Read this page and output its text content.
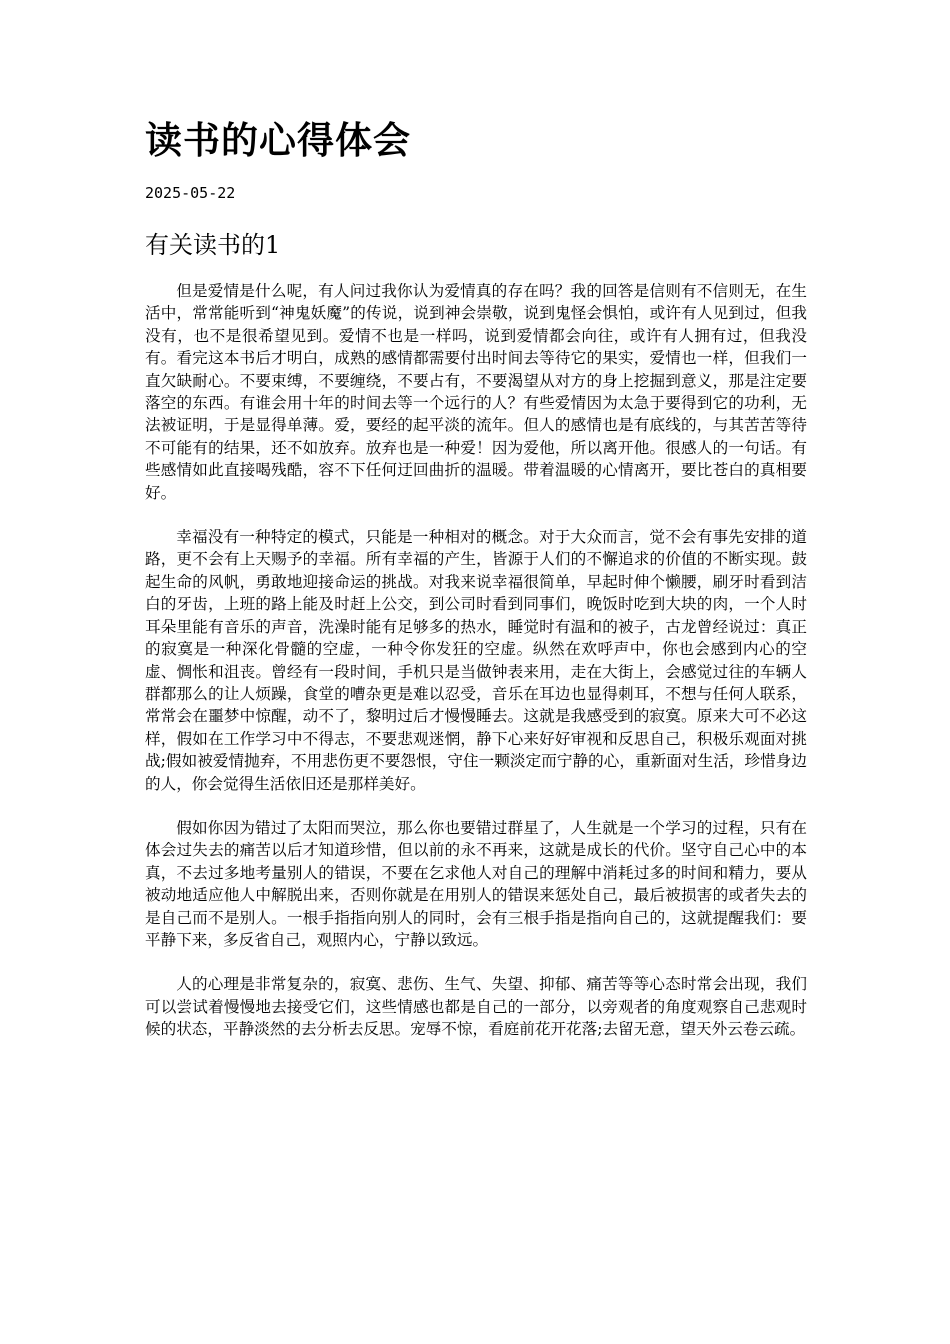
读书的心得体会
2025-05-22
有关读书的1

但是爱情是什么呢，有人问过我你认为爱情真的存在吗？我的回答是信则有不信则无，在生活中，常常能听到“神鬼妖魔”的传说，说到神会崇敬，说到鬼怪会惧怕，或许有人见到过，但我没有，也不是很希望见到。爱情不也是一样吗，说到爱情都会向往，或许有人拥有过，但我没有。看完这本书后才明白，成熟的感情都需要付出时间去等待它的果实，爱情也一样，但我们一直欠缺耐心。不要束缚，不要缠绕，不要占有，不要渴望从对方的身上挖掘到意义，那是注定要落空的东西。有谁会用十年的时间去等一个远行的人？有些爱情因为太急于要得到它的功利，无法被证明，于是显得单薄。爱，要经的起平淡的流年。但人的感情也是有底线的，与其苦苦等待不可能有的结果，还不如放弃。放弃也是一种爱！因为爱他，所以离开他。很感人的一句话。有些感情如此直接喝残酷，容不下任何迂回曲折的温暖。带着温暖的心情离开，要比苍白的真相要好。

幸福没有一种特定的模式，只能是一种相对的概念。对于大众而言，觉不会有事先安排的道路，更不会有上天赐予的幸福。所有幸福的产生，皆源于人们的不懈追求的价值的不断实现。鼓起生命的风帆，勇敢地迎接命运的挑战。对我来说幸福很简单，早起时伸个懒腰，刷牙时看到洁白的牙齿，上班的路上能及时赶上公交，到公司时看到同事们，晚饭时吃到大块的肉，一个人时耳朵里能有音乐的声音，洗澡时能有足够多的热水，睡觉时有温和的被子，古龙曾经说过：真正的寂寞是一种深化骨髓的空虚，一种令你发狂的空虚。纵然在欢呼声中，你也会感到内心的空虚、惆怅和沮丧。曾经有一段时间，手机只是当做钟表来用，走在大街上，会感觉过往的车辆人群都那么的让人烦躁，食堂的嘈杂更是难以忍受，音乐在耳边也显得刺耳，不想与任何人联系，常常会在噩梦中惊醒，动不了，黎明过后才慢慢睡去。这就是我感受到的寂寞。原来大可不必这样，假如在工作学习中不得志，不要悲观迷惘，静下心来好好审视和反思自己，积极乐观面对挑战;假如被爱情抛弃，不用悲伤更不要怨恨，守住一颗淡定而宁静的心，重新面对生活，珍惜身边的人，你会觉得生活依旧还是那样美好。

假如你因为错过了太阳而哭泣，那么你也要错过群星了，人生就是一个学习的过程，只有在体会过失去的痛苦以后才知道珍惜，但以前的永不再来，这就是成长的代价。坚守自己心中的本真，不去过多地考量别人的错误，不要在乞求他人对自己的理解中消耗过多的时间和精力，要从被动地适应他人中解脱出来，否则你就是在用别人的错误来惩处自己，最后被损害的或者失去的是自己而不是别人。一根手指指向别人的同时，会有三根手指是指向自己的，这就提醒我们：要平静下来，多反省自己，观照内心，宁静以致远。

人的心理是非常复杂的，寂寞、悲伤、生气、失望、抑郁、痛苦等等心态时常会出现，我们可以尝试着慢慢地去接受它们，这些情感也都是自己的一部分，以旁观者的角度观察自己悲观时候的状态，平静淡然的去分析去反思。宠辱不惊，看庭前花开花落;去留无意，望天外云卷云疏。
